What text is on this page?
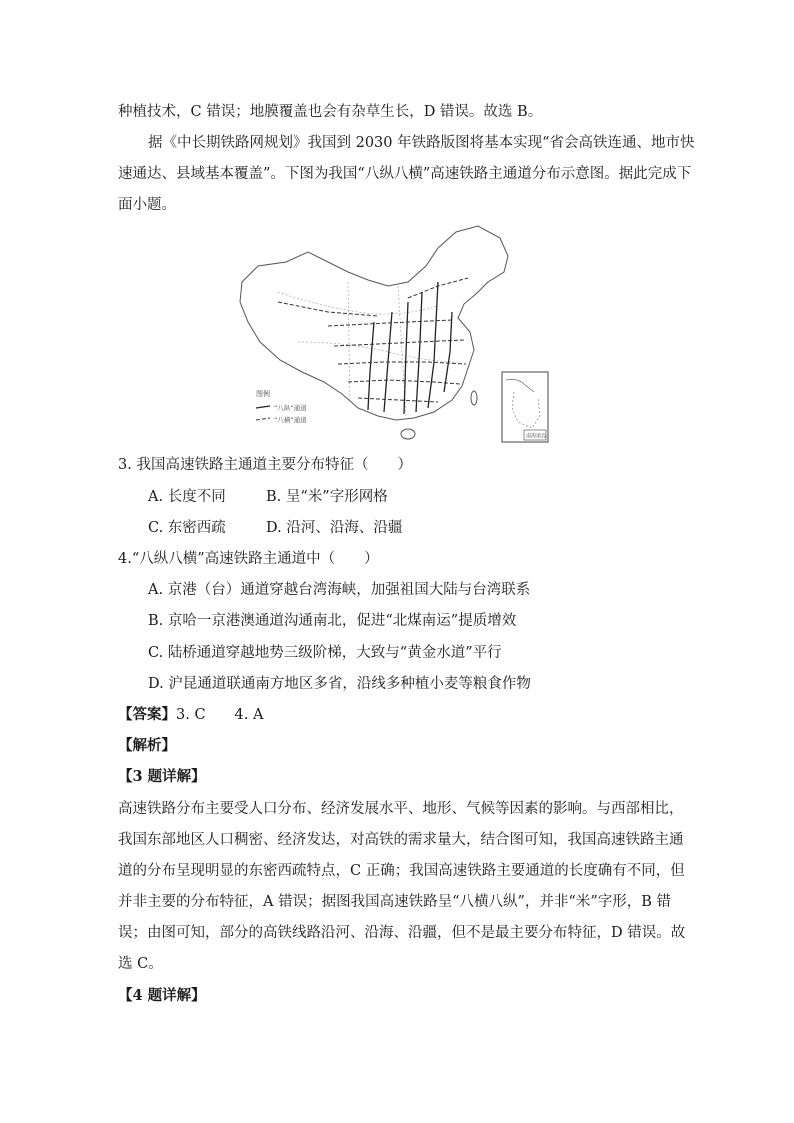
种植技术，C 错误；地膜覆盖也会有杂草生长，D 错误。故选 B。
据《中长期铁路网规划》我国到 2030 年铁路版图将基本实现“省会高铁连通、地市快
速通达、县域基本覆盖”。下图为我国“八纵八横”高速铁路主通道分布示意图。据此完成下
面小题。
图例
“八纵”通道
“八横”通道
南海诸岛
3. 我国高速铁路主通道主要分布特征（　　）
A. 长度不同	B. 呈“米”字形网格
C. 东密西疏	D. 沿河、沿海、沿疆
4.“八纵八横”高速铁路主通道中（　　）
A. 京港（台）通道穿越台湾海峡，加强祖国大陆与台湾联系
B. 京哈一京港澳通道沟通南北，促进“北煤南运”提质增效
C. 陆桥通道穿越地势三级阶梯，大致与“黄金水道”平行
D. 沪昆通道联通南方地区多省，沿线多种植小麦等粮食作物
【答案】3. C　　4. A
【解析】
【3 题详解】
高速铁路分布主要受人口分布、经济发展水平、地形、气候等因素的影响。与西部相比，
我国东部地区人口稠密、经济发达，对高铁的需求量大，结合图可知，我国高速铁路主通
道的分布呈现明显的东密西疏特点，C 正确；我国高速铁路主要通道的长度确有不同，但
并非主要的分布特征，A 错误；据图我国高速铁路呈“八横八纵”，并非“米”字形，B 错
误；由图可知，部分的高铁线路沿河、沿海、沿疆，但不是最主要分布特征，D 错误。故
选 C。
【4 题详解】
